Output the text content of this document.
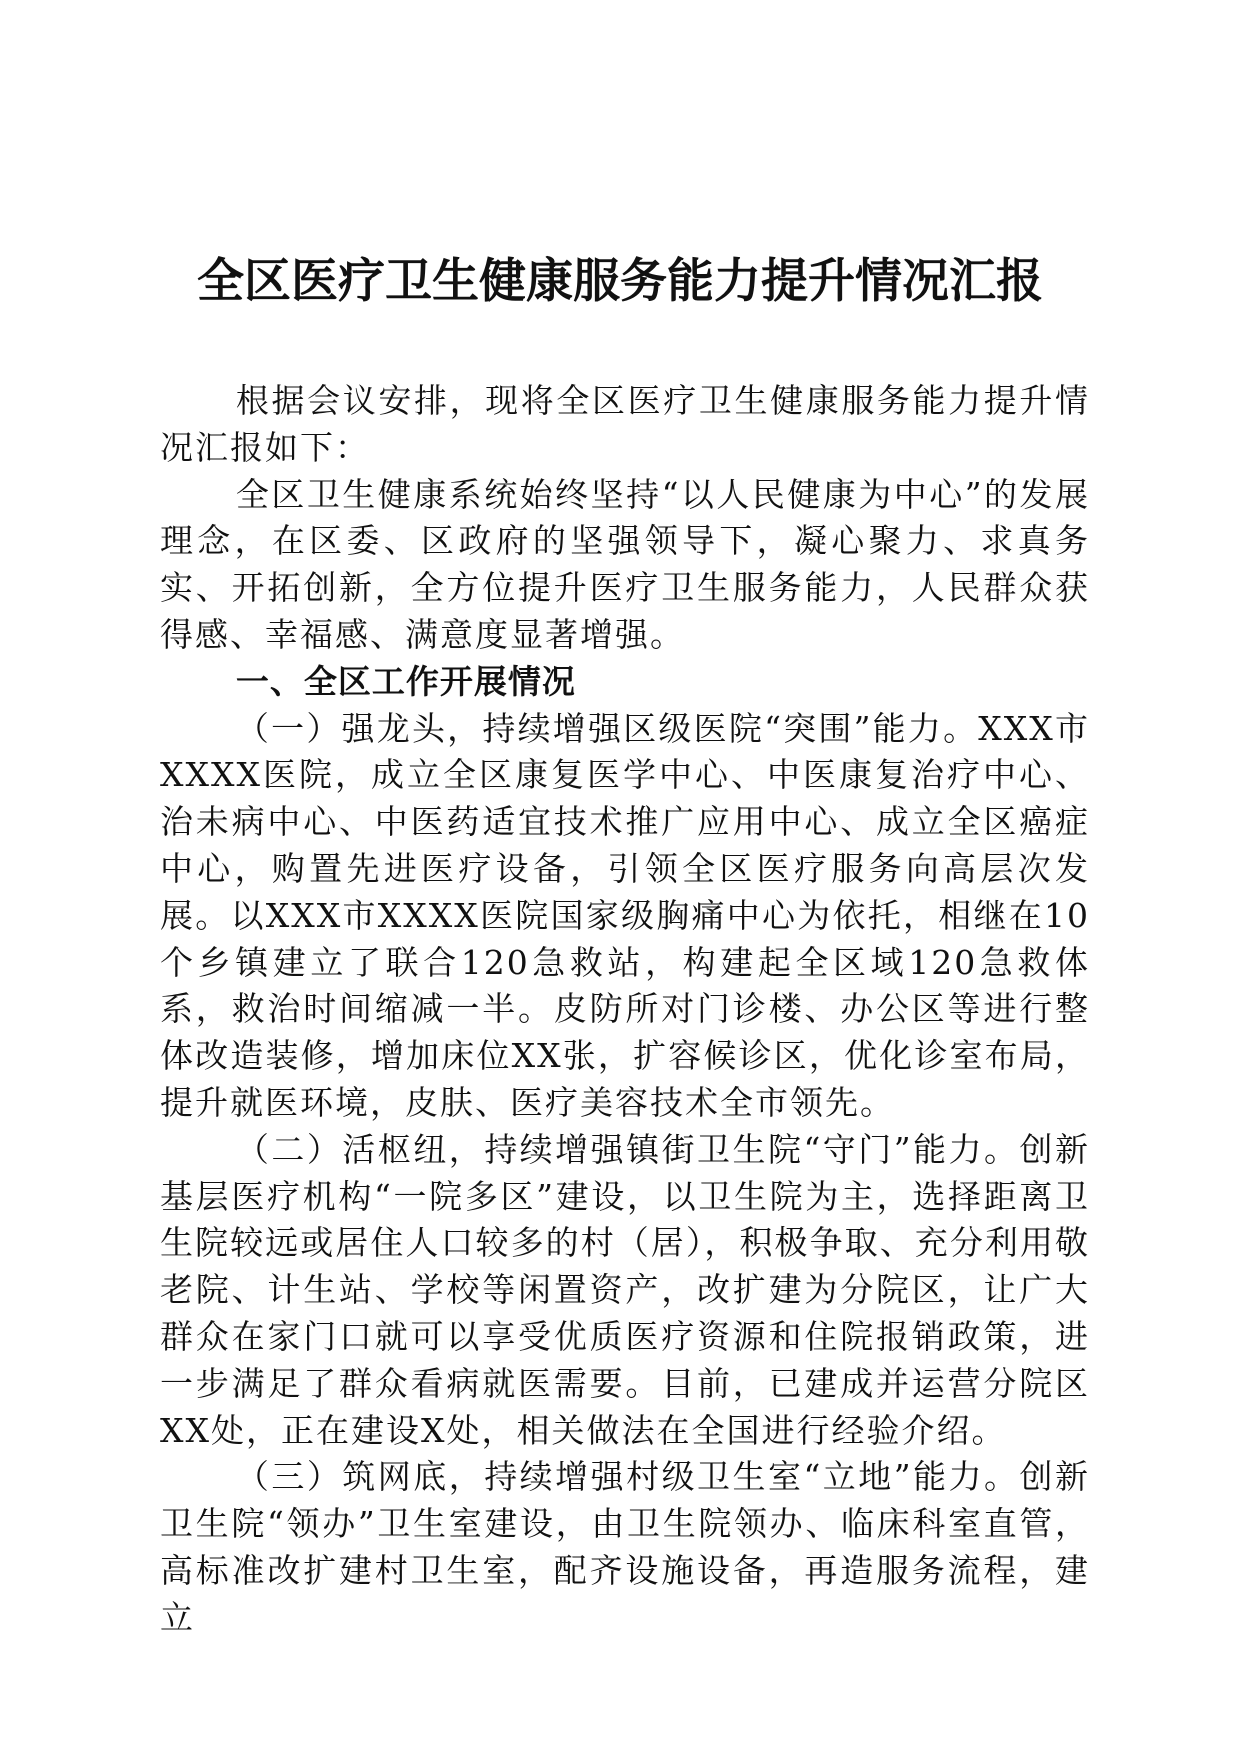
全区医疗卫生健康服务能力提升情况汇报

根据会议安排，现将全区医疗卫生健康服务能力提升情况汇报如下：

全区卫生健康系统始终坚持“以人民健康为中心”的发展理念，在区委、区政府的坚强领导下，凝心聚力、求真务实、开拓创新，全方位提升医疗卫生服务能力，人民群众获得感、幸福感、满意度显著增强。

一、全区工作开展情况

（一）强龙头，持续增强区级医院“突围”能力。XXX市XXXX医院，成立全区康复医学中心、中医康复治疗中心、治未病中心、中医药适宜技术推广应用中心、成立全区癌症中心，购置先进医疗设备，引领全区医疗服务向高层次发展。以XXX市XXXX医院国家级胸痛中心为依托，相继在10个乡镇建立了联合120急救站，构建起全区域120急救体系，救治时间缩减一半。皮防所对门诊楼、办公区等进行整体改造装修，增加床位XX张，扩容候诊区，优化诊室布局，提升就医环境，皮肤、医疗美容技术全市领先。

（二）活枢纽，持续增强镇街卫生院“守门”能力。创新基层医疗机构“一院多区”建设，以卫生院为主，选择距离卫生院较远或居住人口较多的村（居），积极争取、充分利用敬老院、计生站、学校等闲置资产，改扩建为分院区，让广大群众在家门口就可以享受优质医疗资源和住院报销政策，进一步满足了群众看病就医需要。目前，已建成并运营分院区XX处，正在建设X处，相关做法在全国进行经验介绍。

（三）筑网底，持续增强村级卫生室“立地”能力。创新卫生院“领办”卫生室建设，由卫生院领办、临床科室直管，高标准改扩建村卫生室，配齐设施设备，再造服务流程，建立
